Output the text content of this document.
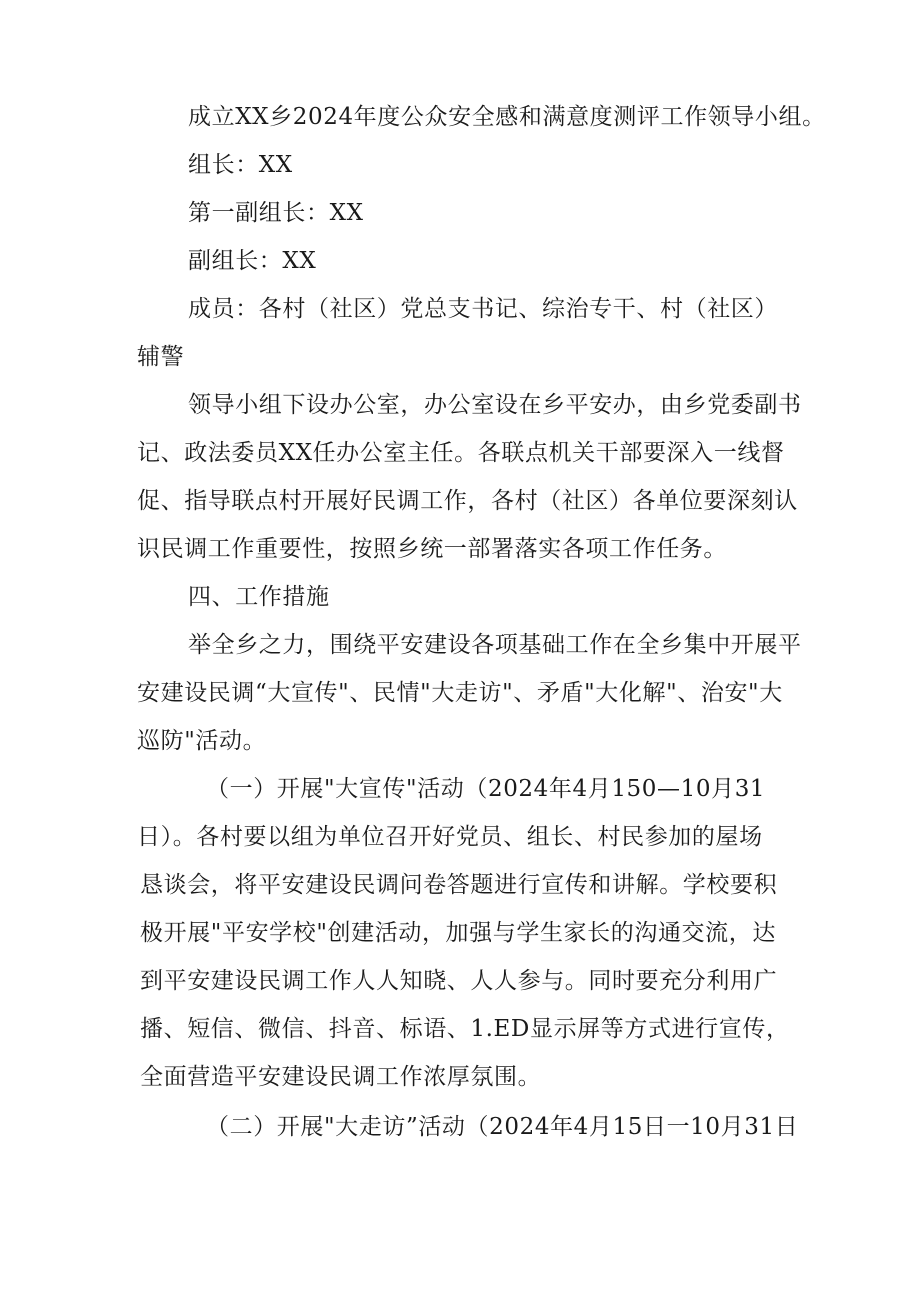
成立XX乡2024年度公众安全感和满意度测评工作领导小组。
组长：XX
第一副组长：XX
副组长：XX
成员：各村（社区）党总支书记、综治专干、村（社区）
辅警
领导小组下设办公室，办公室设在乡平安办，由乡党委副书
记、政法委员XX任办公室主任。各联点机关干部要深入一线督
促、指导联点村开展好民调工作，各村（社区）各单位要深刻认
识民调工作重要性，按照乡统一部署落实各项工作任务。
四、工作措施
举全乡之力，围绕平安建设各项基础工作在全乡集中开展平
安建设民调“大宣传"、民情"大走访"、矛盾"大化解"、治安"大
巡防"活动。
（一）开展"大宣传"活动（2024年4月150—10月31
日）。各村要以组为单位召开好党员、组长、村民参加的屋场
恳谈会，将平安建设民调问卷答题进行宣传和讲解。学校要积
极开展"平安学校"创建活动，加强与学生家长的沟通交流，达
到平安建设民调工作人人知晓、人人参与。同时要充分利用广
播、短信、微信、抖音、标语、1.ED显示屏等方式进行宣传，
全面营造平安建设民调工作浓厚氛围。
（二）开展"大走访”活动（2024年4月15日一10月31日
